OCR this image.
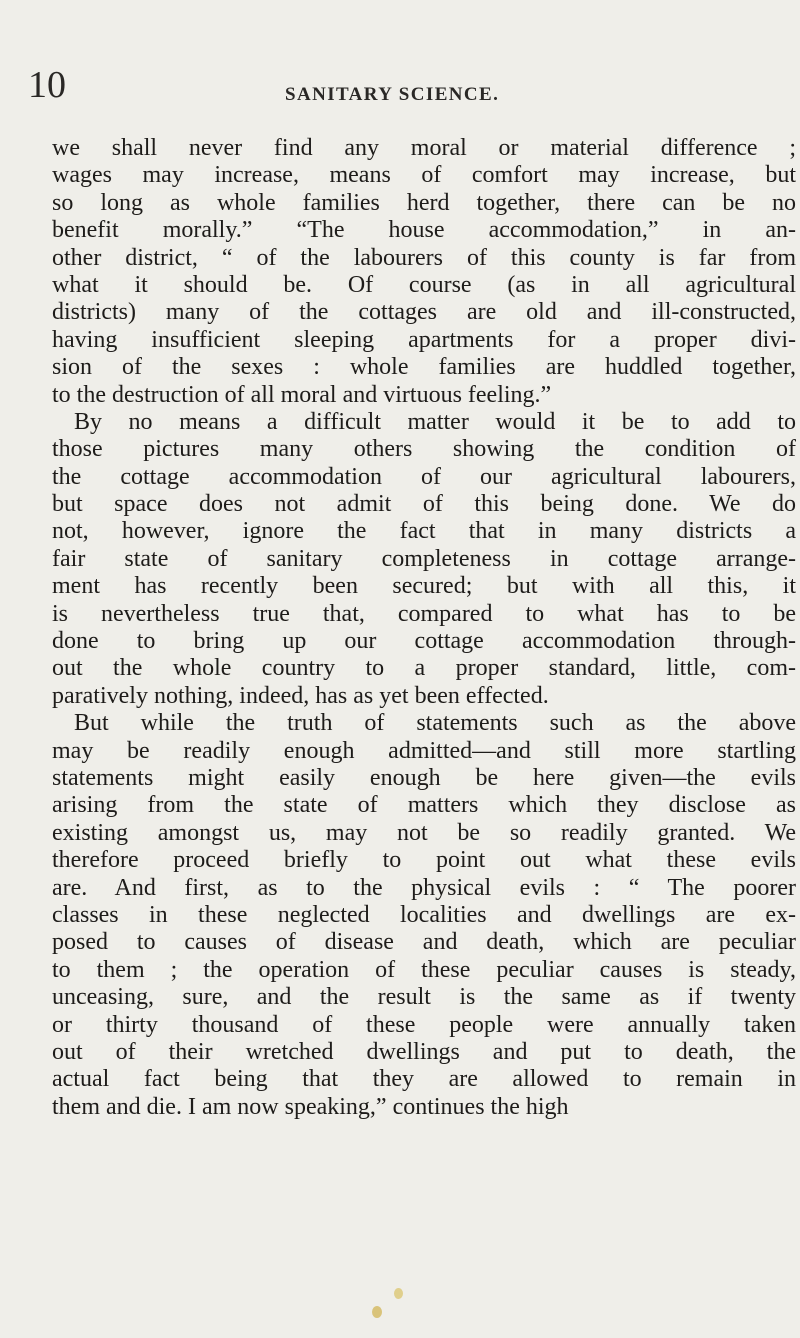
10	SANITARY SCIENCE.
we shall never find any moral or material difference ;
wages may increase, means of comfort may increase, but
so long as whole families herd together, there can be no
benefit morally.” “The house accommodation,” in an-
other district, “ of the labourers of this county is far from
what it should be. Of course (as in all agricultural
districts) many of the cottages are old and ill-constructed,
having insufficient sleeping apartments for a proper divi-
sion of the sexes : whole families are huddled together,
to the destruction of all moral and virtuous feeling.”
By no means a difficult matter would it be to add to
those pictures many others showing the condition of
the cottage accommodation of our agricultural labourers,
but space does not admit of this being done. We do
not, however, ignore the fact that in many districts a
fair state of sanitary completeness in cottage arrange-
ment has recently been secured; but with all this, it
is nevertheless true that, compared to what has to be
done to bring up our cottage accommodation through-
out the whole country to a proper standard, little, com-
paratively nothing, indeed, has as yet been effected.
But while the truth of statements such as the above
may be readily enough admitted—and still more startling
statements might easily enough be here given—the evils
arising from the state of matters which they disclose as
existing amongst us, may not be so readily granted. We
therefore proceed briefly to point out what these evils
are. And first, as to the physical evils : “ The poorer
classes in these neglected localities and dwellings are ex-
posed to causes of disease and death, which are peculiar
to them ; the operation of these peculiar causes is steady,
unceasing, sure, and the result is the same as if twenty
or thirty thousand of these people were annually taken
out of their wretched dwellings and put to death, the
actual fact being that they are allowed to remain in
them and die. I am now speaking,” continues the high
